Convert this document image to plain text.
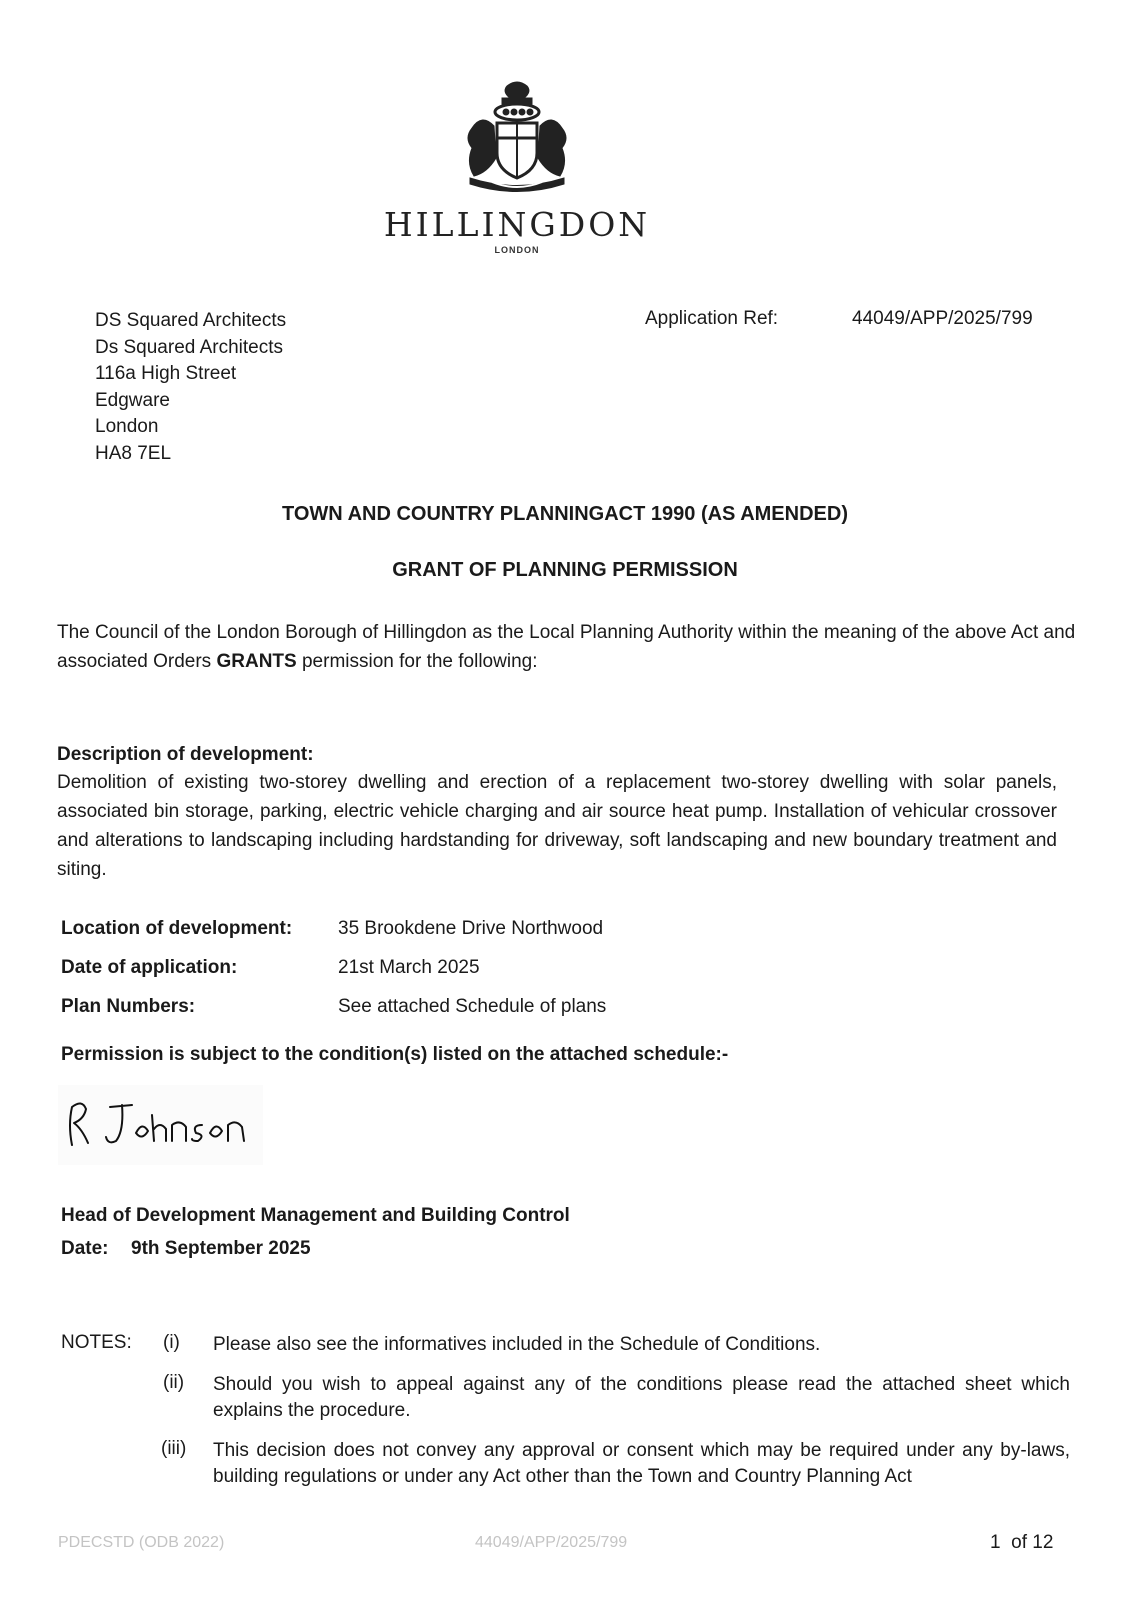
HILLINGDON
LONDON
DS Squared Architects
Ds Squared Architects
116a High Street
Edgware
London
HA8 7EL
Application Ref:	44049/APP/2025/799
TOWN AND COUNTRY PLANNINGACT 1990 (AS AMENDED)
GRANT OF PLANNING PERMISSION
The Council of the London Borough of Hillingdon as the Local Planning Authority within the meaning of the above Act and associated Orders GRANTS permission for the following:
Description of development:
Demolition of existing two-storey dwelling and erection of a replacement two-storey dwelling with solar panels, associated bin storage, parking, electric vehicle charging and air source heat pump. Installation of vehicular crossover and alterations to landscaping including hardstanding for driveway, soft landscaping and new boundary treatment and siting.
Location of development: 35 Brookdene Drive Northwood
Date of application:	21st March 2025
Plan Numbers:	See attached Schedule of plans
Permission is subject to the condition(s) listed on the attached schedule:-
Head of Development Management and Building Control
Date: 9th September 2025
NOTES: (i) Please also see the informatives included in the Schedule of Conditions.
(ii) Should you wish to appeal against any of the conditions please read the attached sheet which explains the procedure.
(iii) This decision does not convey any approval or consent which may be required under any by-laws, building regulations or under any Act other than the Town and Country Planning Act
PDECSTD (ODB 2022)	44049/APP/2025/799	1  of 12
